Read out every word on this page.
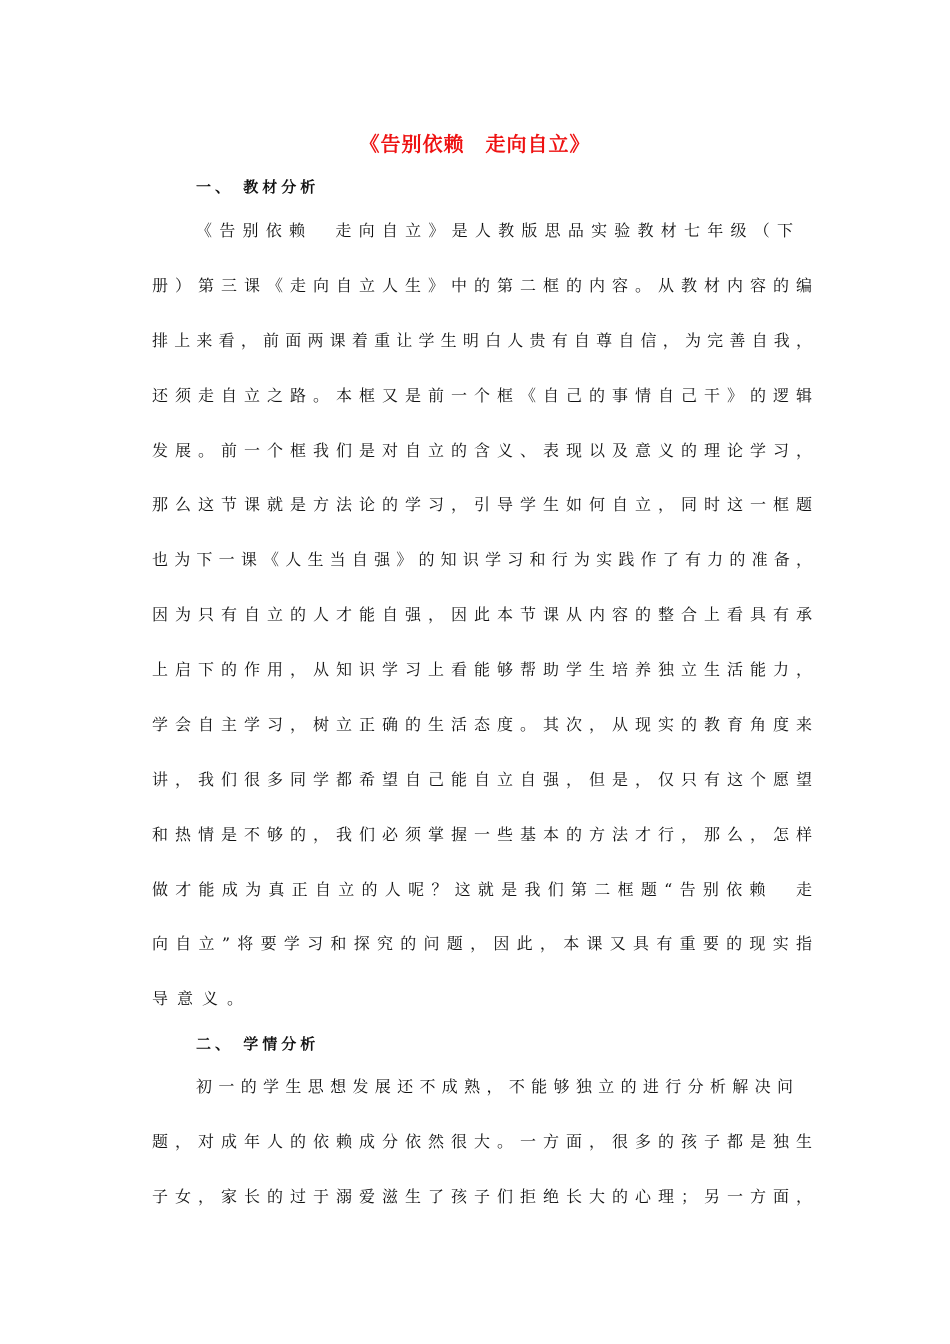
《告别依赖　走向自立》
一、 教材分析
《告别依赖　走向自立》是人教版思品实验教材七年级（下
册）第三课《走向自立人生》中的第二框的内容。从教材内容的编
排上来看，前面两课着重让学生明白人贵有自尊自信，为完善自我，
还须走自立之路。本框又是前一个框《自己的事情自己干》的逻辑
发展。前一个框我们是对自立的含义、表现以及意义的理论学习，
那么这节课就是方法论的学习，引导学生如何自立，同时这一框题
也为下一课《人生当自强》的知识学习和行为实践作了有力的准备，
因为只有自立的人才能自强，因此本节课从内容的整合上看具有承
上启下的作用，从知识学习上看能够帮助学生培养独立生活能力，
学会自主学习，树立正确的生活态度。其次，从现实的教育角度来
讲，我们很多同学都希望自己能自立自强，但是，仅只有这个愿望
和热情是不够的，我们必须掌握一些基本的方法才行，那么，怎样
做才能成为真正自立的人呢？这就是我们第二框题“告别依赖　走
向自立”将要学习和探究的问题，因此，本课又具有重要的现实指
导意义。
二、 学情分析
初一的学生思想发展还不成熟，不能够独立的进行分析解决问
题，对成年人的依赖成分依然很大。一方面，很多的孩子都是独生
子女，家长的过于溺爱滋生了孩子们拒绝长大的心理；另一方面，
